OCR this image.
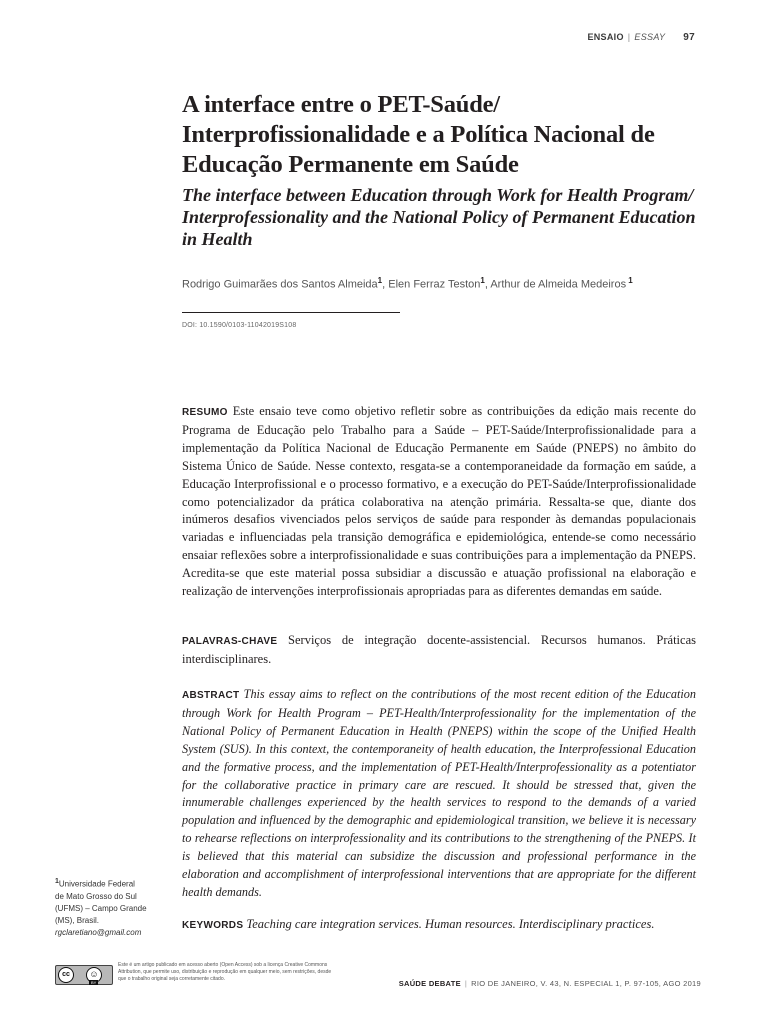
ENSAIO | ESSAY 97
A interface entre o PET-Saúde/ Interprofissionalidade e a Política Nacional de Educação Permanente em Saúde
The interface between Education through Work for Health Program/ Interprofessionality and the National Policy of Permanent Education in Health
Rodrigo Guimarães dos Santos Almeida$^1$, Elen Ferraz Teston$^1$, Arthur de Almeida Medeiros $^1$
DOI: 10.1590/0103-11042019S108

RESUMO Este ensaio teve como objetivo refletir sobre as contribuições da edição mais recente do Programa de Educação pelo Trabalho para a Saúde – PET-Saúde/Interprofissionalidade para a implementação da Política Nacional de Educação Permanente em Saúde (PNEPS) no âmbito do Sistema Único de Saúde. Nesse contexto, resgata-se a contemporaneidade da formação em saúde, a Educação Interprofissional e o processo formativo, e a execução do PET-Saúde/Interprofissionalidade como potencializador da prática colaborativa na atenção primária. Ressalta-se que, diante dos inúmeros desafios vivenciados pelos serviços de saúde para responder às demandas populacionais variadas e influenciadas pela transição demográfica e epidemiológica, entende-se como necessário ensaiar reflexões sobre a interprofissionalidade e suas contribuições para a implementação da PNEPS. Acredita-se que este material possa subsidiar a discussão e atuação profissional na elaboração e realização de intervenções interprofissionais apropriadas para as diferentes demandas em saúde.

PALAVRAS-CHAVE Serviços de integração docente-assistencial. Recursos humanos. Práticas interdisciplinares.

ABSTRACT This essay aims to reflect on the contributions of the most recent edition of the Education through Work for Health Program – PET-Health/Interprofessionality for the implementation of the National Policy of Permanent Education in Health (PNEPS) within the scope of the Unified Health System (SUS). In this context, the contemporaneity of health education, the Interprofessional Education and the formative process, and the implementation of PET-Health/Interprofessionality as a potentiator for the collaborative practice in primary care are rescued. It should be stressed that, given the innumerable challenges experienced by the health services to respond to the demands of a varied population and influenced by the demographic and epidemiological transition, we believe it is necessary to rehearse reflections on interprofessionality and its contributions to the strengthening of the PNEPS. It is believed that this material can subsidize the discussion and professional performance in the elaboration and accomplishment of interprofessional interventions that are appropriate for the different health demands.

KEYWORDS Teaching care integration services. Human resources. Interdisciplinary practices.

$^1$Universidade Federal
de Mato Grosso do Sul
(UFMS) – Campo Grande
(MS), Brasil.
rgclaretiano@gmail.com
cc	☺
BY
Este é um artigo publicado em acesso aberto (Open Access) sob a licença Creative Commons Attribution, que permite uso, distribuição e reprodução em qualquer meio, sem restrições, desde que o trabalho original seja corretamente citado.	SAÚDE DEBATE | RIO DE JANEIRO, V. 43, N. ESPECIAL 1, P. 97-105, AGO 2019
